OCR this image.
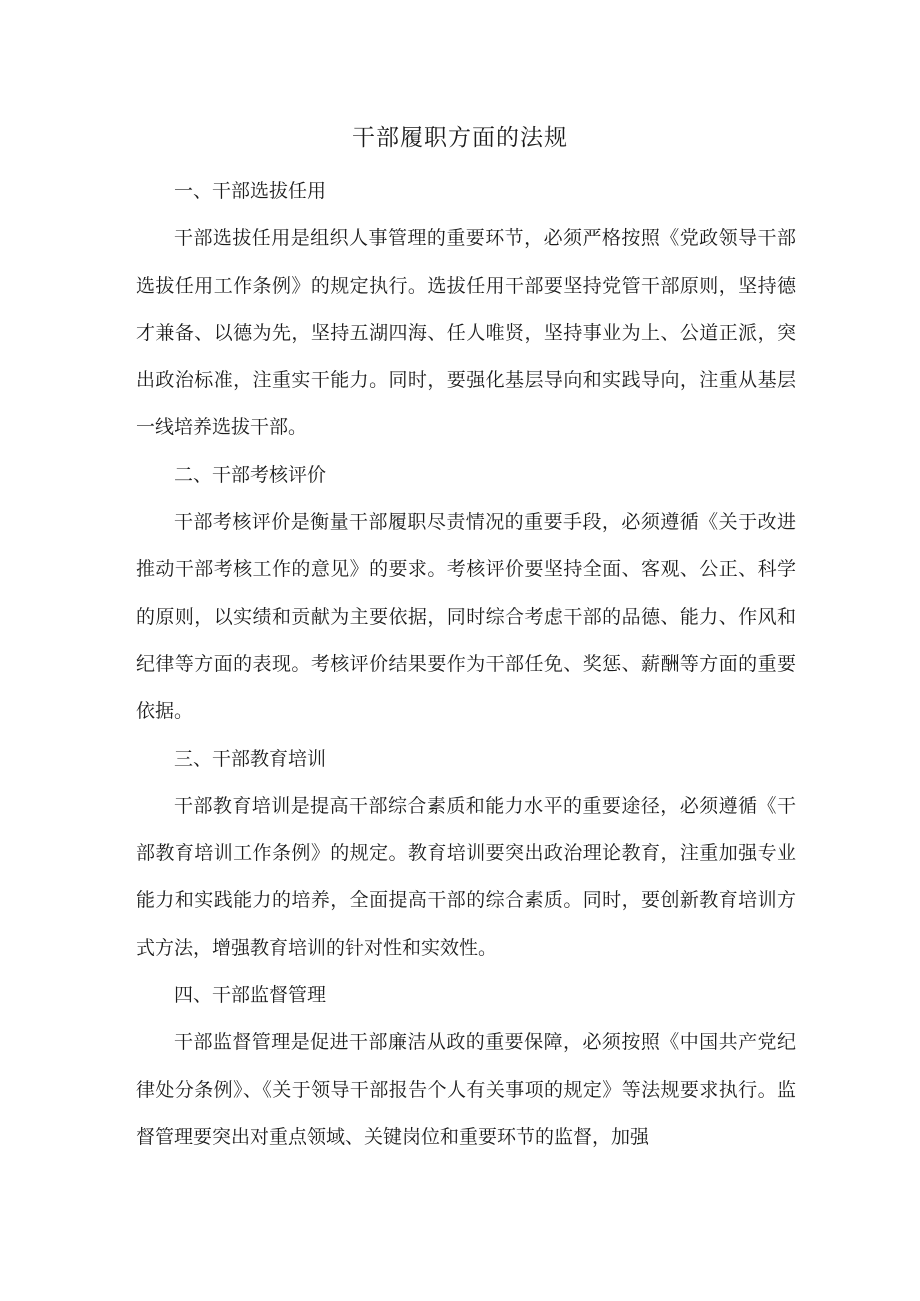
干部履职方面的法规

一、干部选拔任用

干部选拔任用是组织人事管理的重要环节，必须严格按照《党政领导干部选拔任用工作条例》的规定执行。选拔任用干部要坚持党管干部原则，坚持德才兼备、以德为先，坚持五湖四海、任人唯贤，坚持事业为上、公道正派，突出政治标准，注重实干能力。同时，要强化基层导向和实践导向，注重从基层一线培养选拔干部。

二、干部考核评价

干部考核评价是衡量干部履职尽责情况的重要手段，必须遵循《关于改进推动干部考核工作的意见》的要求。考核评价要坚持全面、客观、公正、科学的原则，以实绩和贡献为主要依据，同时综合考虑干部的品德、能力、作风和纪律等方面的表现。考核评价结果要作为干部任免、奖惩、薪酬等方面的重要依据。

三、干部教育培训

干部教育培训是提高干部综合素质和能力水平的重要途径，必须遵循《干部教育培训工作条例》的规定。教育培训要突出政治理论教育，注重加强专业能力和实践能力的培养，全面提高干部的综合素质。同时，要创新教育培训方式方法，增强教育培训的针对性和实效性。

四、干部监督管理

干部监督管理是促进干部廉洁从政的重要保障，必须按照《中国共产党纪律处分条例》、《关于领导干部报告个人有关事项的规定》等法规要求执行。监督管理要突出对重点领域、关键岗位和重要环节的监督，加强
